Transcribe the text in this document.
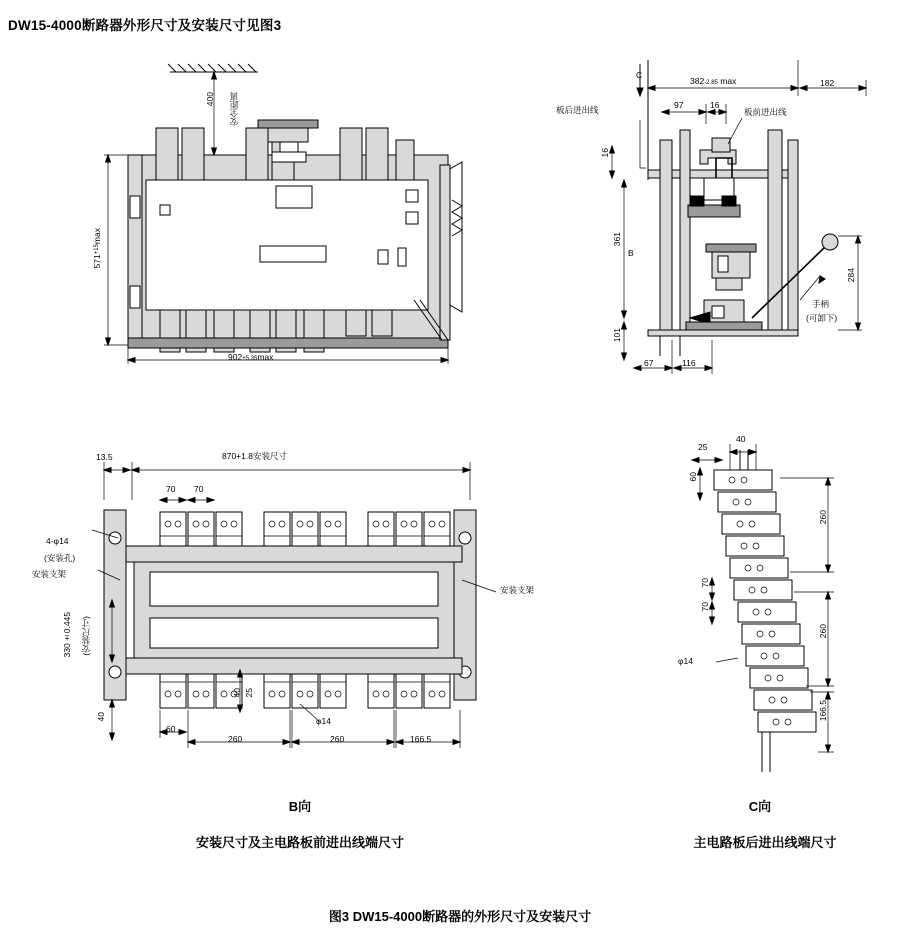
DW15-4000断路器外形尺寸及安装尺寸见图3
400 安全距离
571+15max
902+5.35max
C
382-2.85 max	182
97	16
板后进出线	板前进出线
16
361
B
101
284
67	116
手柄
(可卸下)
13.5	870+1.8安装尺寸
70 70
4-φ14
(安装孔)
安装支架
安装支架
330±0.445 (安装尺寸)
40
60
260	260	166.5
40 25
φ14
B向
安装尺寸及主电路板前进出线端尺寸
25
40
60
260
70
70
260
166.5
φ14
C向
主电路板后进出线端尺寸
图3 DW15-4000断路器的外形尺寸及安装尺寸
